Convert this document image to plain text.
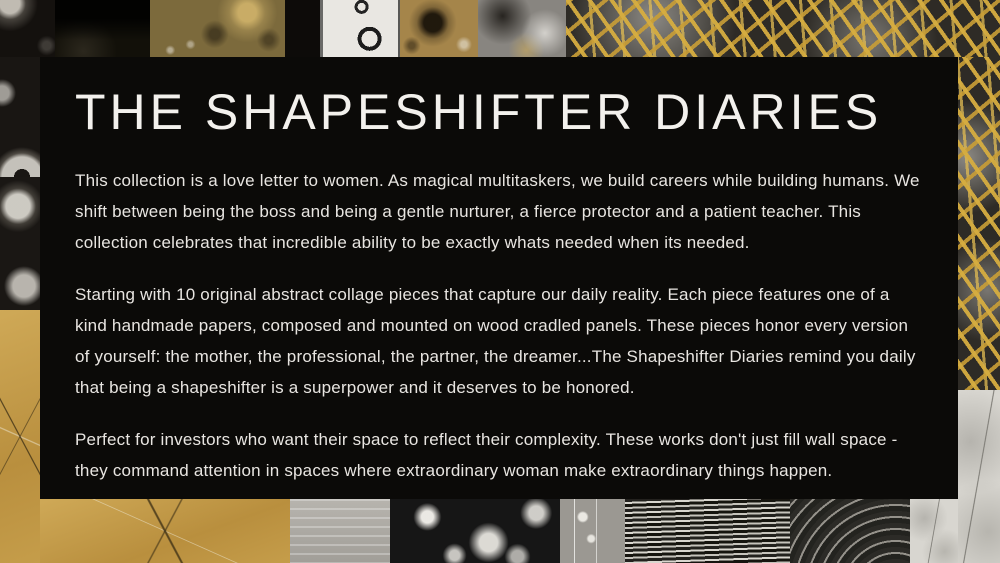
THE SHAPESHIFTER DIARIES

This collection is a love letter to women. As magical multitaskers, we build careers while building humans. We shift between being the boss and being a gentle nurturer, a fierce protector and a patient teacher. This collection celebrates that incredible ability to be exactly whats needed when its needed.

Starting with 10 original abstract collage pieces that capture our daily reality. Each piece features one of a kind handmade papers, composed and mounted on wood cradled panels. These pieces honor every version of yourself: the mother, the professional, the partner, the dreamer...The Shapeshifter Diaries remind you daily that being a shapeshifter is a superpower and it deserves to be honored.

Perfect for investors who want their space to reflect their complexity. These works don't just fill wall space - they command attention in spaces where extraordinary woman make extraordinary things happen.
